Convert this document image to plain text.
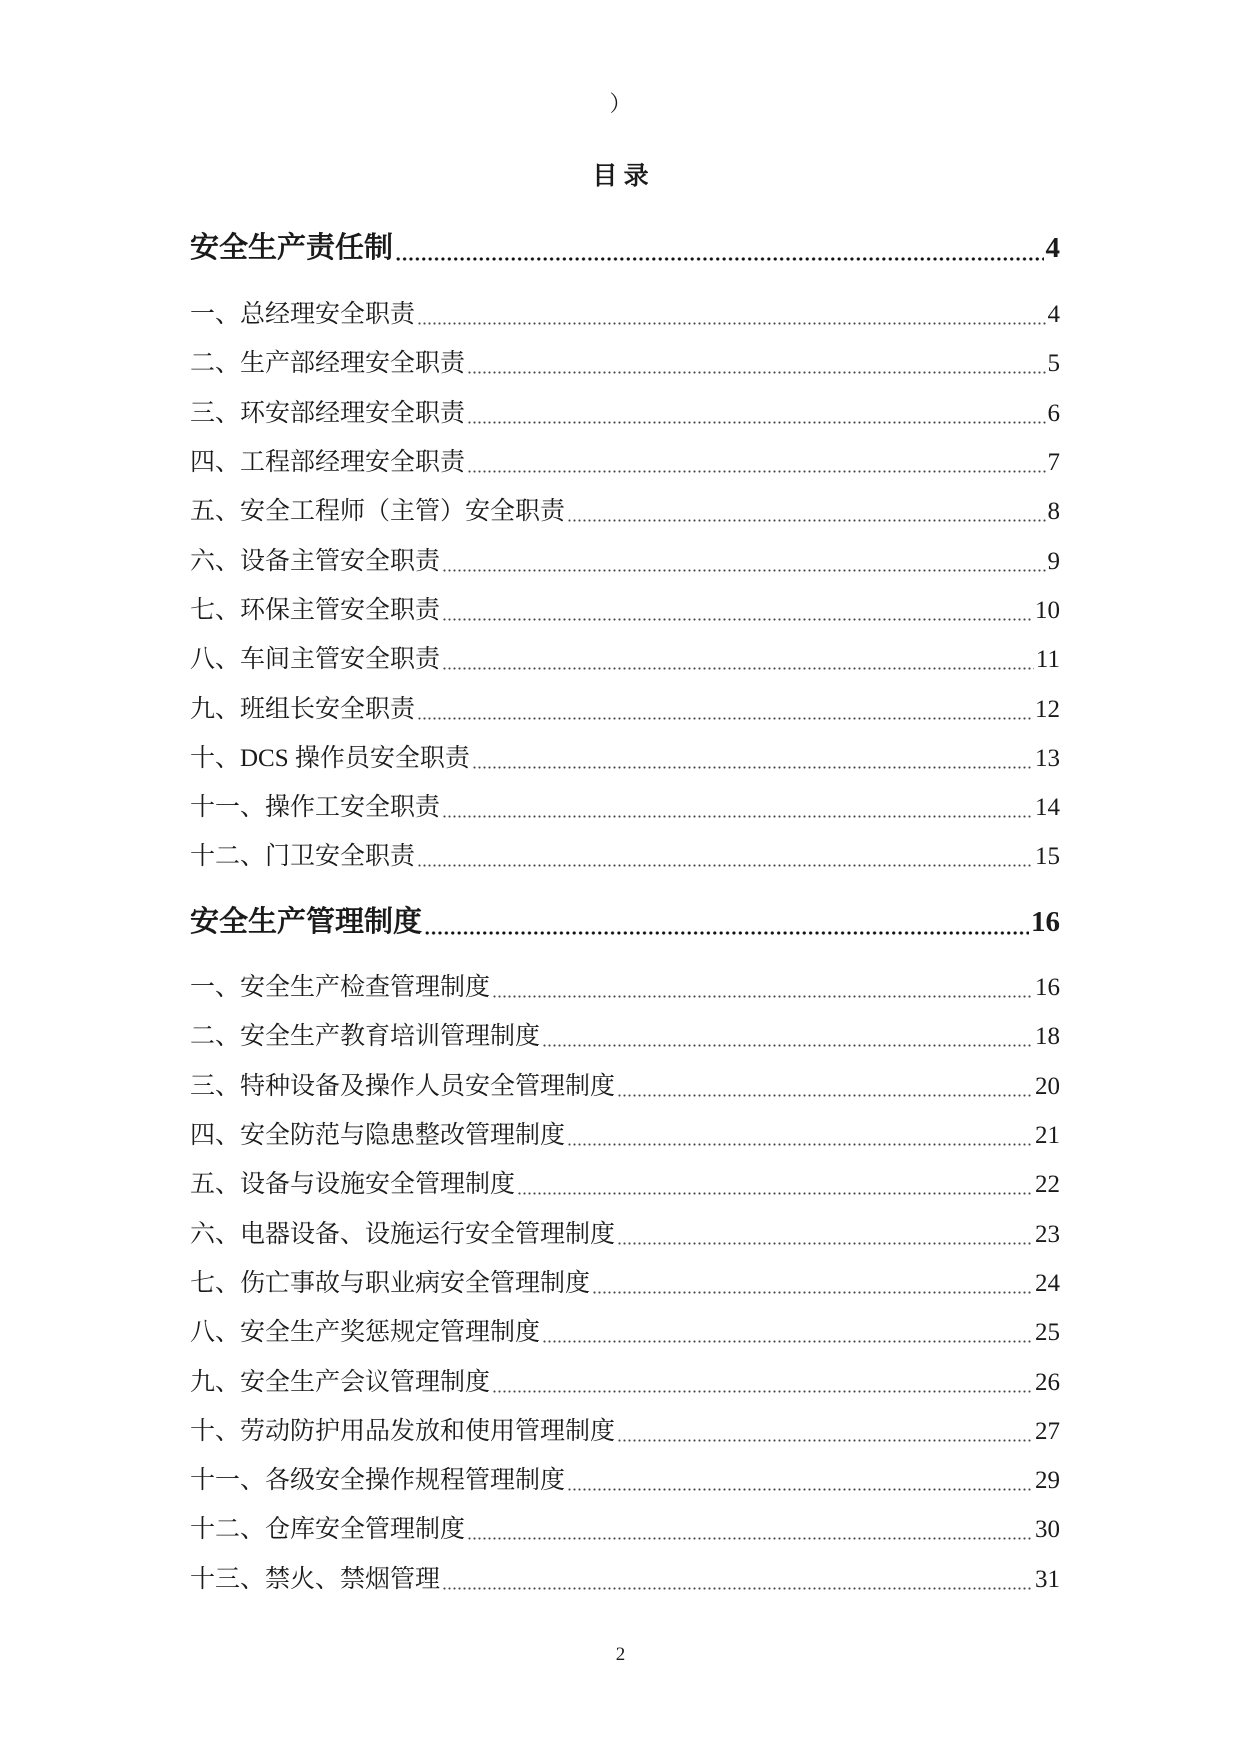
）
目 录
安全生产责任制	4
一、总经理安全职责	4
二、生产部经理安全职责	5
三、环安部经理安全职责	6
四、工程部经理安全职责	7
五、安全工程师（主管）安全职责	8
六、设备主管安全职责	9
七、环保主管安全职责	10
八、车间主管安全职责	11
九、班组长安全职责	12
十、DCS 操作员安全职责	13
十一、操作工安全职责	14
十二、门卫安全职责	15
安全生产管理制度	16
一、安全生产检查管理制度	16
二、安全生产教育培训管理制度	18
三、特种设备及操作人员安全管理制度	20
四、安全防范与隐患整改管理制度	21
五、设备与设施安全管理制度	22
六、电器设备、设施运行安全管理制度	23
七、伤亡事故与职业病安全管理制度	24
八、安全生产奖惩规定管理制度	25
九、安全生产会议管理制度	26
十、劳动防护用品发放和使用管理制度	27
十一、各级安全操作规程管理制度	29
十二、仓库安全管理制度	30
十三、禁火、禁烟管理	31
2
